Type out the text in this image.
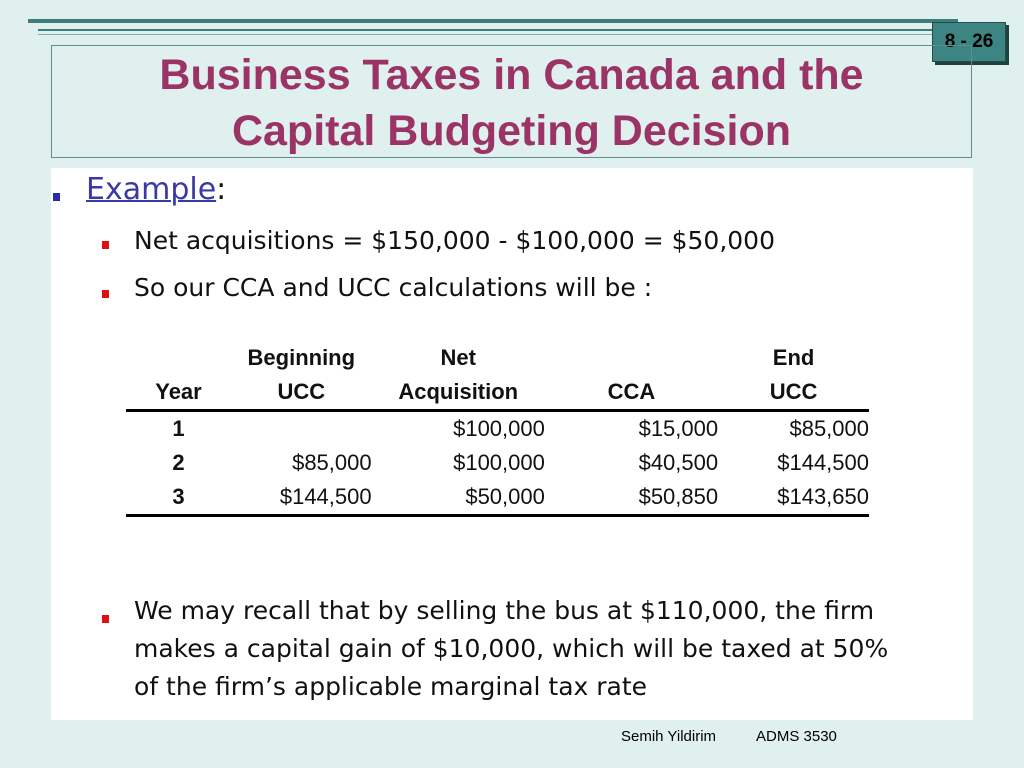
8 - 26
Business Taxes in Canada and the
Capital Budgeting Decision
Example:
Net acquisitions = $150,000 - $100,000 = $50,000
So our CCA and UCC calculations will be :
	Beginning	Net		End
Year	UCC	Acquisition	CCA	UCC
1		$100,000	$15,000	$85,000
2	$85,000	$100,000	$40,500	$144,500
3	$144,500	$50,000	$50,850	$143,650
We may recall that by selling the bus at $110,000, the firm
makes a capital gain of $10,000, which will be taxed at 50%
of the firm’s applicable marginal tax rate
Semih Yildirim	ADMS 3530
